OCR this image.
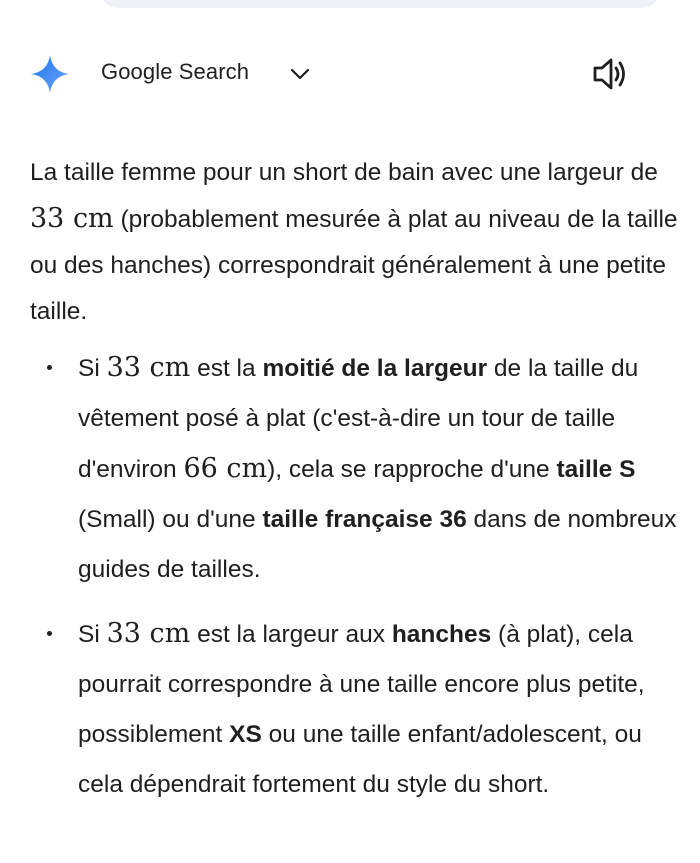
Google Search

La taille femme pour un short de bain avec une largeur de 33 cm (probablement mesurée à plat au niveau de la taille ou des hanches) correspondrait généralement à une petite taille.

Si 33 cm est la moitié de la largeur de la taille du vêtement posé à plat (c'est-à-dire un tour de taille d'environ 66 cm), cela se rapproche d'une taille S (Small) ou d'une taille française 36 dans de nombreux guides de tailles.
Si 33 cm est la largeur aux hanches (à plat), cela pourrait correspondre à une taille encore plus petite, possiblement XS ou une taille enfant/adolescent, ou cela dépendrait fortement du style du short.
